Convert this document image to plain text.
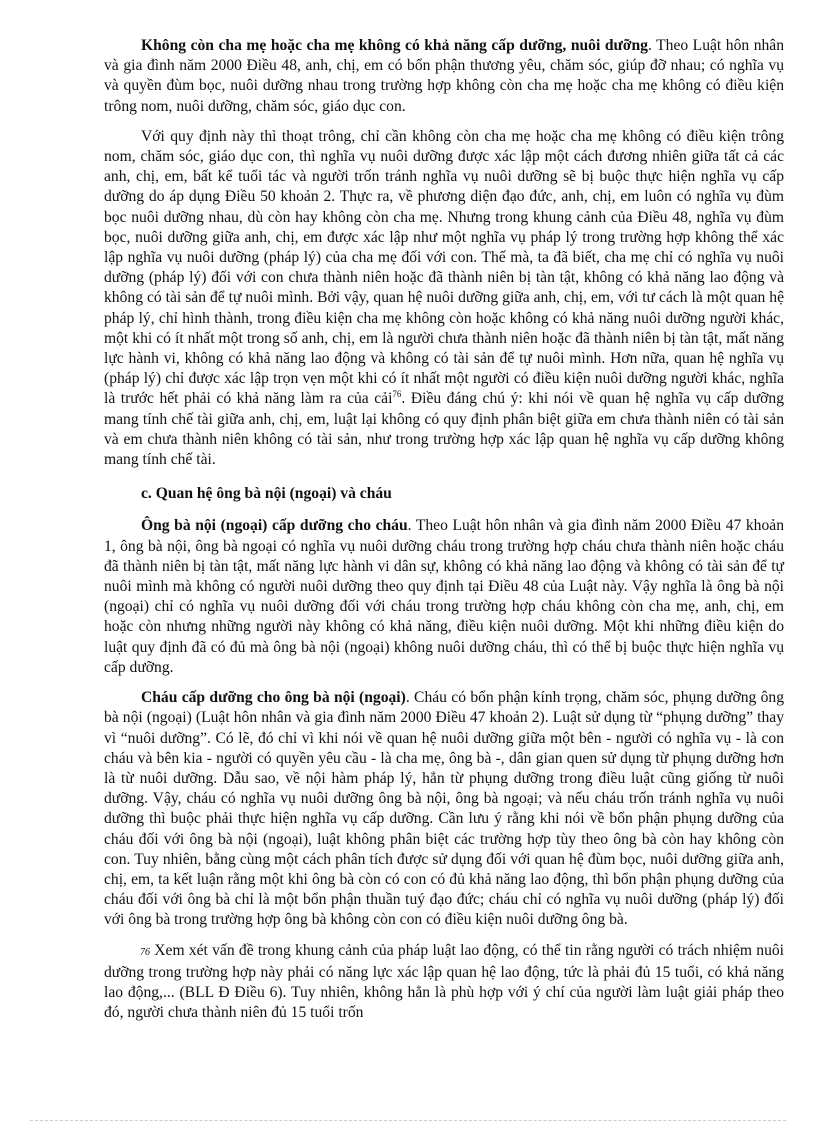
Không còn cha mẹ hoặc cha mẹ không có khả năng cấp dưỡng, nuôi dưỡng. Theo Luật hôn nhân và gia đình năm 2000 Điều 48, anh, chị, em có bổn phận thương yêu, chăm sóc, giúp đỡ nhau; có nghĩa vụ và quyền đùm bọc, nuôi dưỡng nhau trong trường hợp không còn cha mẹ hoặc cha mẹ không có điều kiện trông nom, nuôi dưỡng, chăm sóc, giáo dục con.

Với quy định này thì thoạt trông, chỉ cần không còn cha mẹ hoặc cha mẹ không có điều kiện trông nom, chăm sóc, giáo dục con, thì nghĩa vụ nuôi dưỡng được xác lập một cách đương nhiên giữa tất cả các anh, chị, em, bất kể tuổi tác và người trốn tránh nghĩa vụ nuôi dưỡng sẽ bị buộc thực hiện nghĩa vụ cấp dưỡng do áp dụng Điều 50 khoản 2. Thực ra, về phương diện đạo đức, anh, chị, em luôn có nghĩa vụ đùm bọc nuôi dưỡng nhau, dù còn hay không còn cha mẹ. Nhưng trong khung cảnh của Điều 48, nghĩa vụ đùm bọc, nuôi dưỡng giữa anh, chị, em được xác lập như một nghĩa vụ pháp lý trong trường hợp không thể xác lập nghĩa vụ nuôi dưỡng (pháp lý) của cha mẹ đối với con. Thế mà, ta đã biết, cha mẹ chỉ có nghĩa vụ nuôi dưỡng (pháp lý) đối với con chưa thành niên hoặc đã thành niên bị tàn tật, không có khả năng lao động và không có tài sản để tự nuôi mình. Bởi vậy, quan hệ nuôi dưỡng giữa anh, chị, em, với tư cách là một quan hệ pháp lý, chỉ hình thành, trong điều kiện cha mẹ không còn hoặc không có khả năng nuôi dưỡng người khác, một khi có ít nhất một trong số anh, chị, em là người chưa thành niên hoặc đã thành niên bị tàn tật, mất năng lực hành vi, không có khả năng lao động và không có tài sản để tự nuôi mình. Hơn nữa, quan hệ nghĩa vụ (pháp lý) chỉ được xác lập trọn vẹn một khi có ít nhất một người có điều kiện nuôi dưỡng người khác, nghĩa là trước hết phải có khả năng làm ra của cải$^{76}$. Điều đáng chú ý: khi nói về quan hệ nghĩa vụ cấp dưỡng mang tính chế tài giữa anh, chị, em, luật lại không có quy định phân biệt giữa em chưa thành niên có tài sản và em chưa thành niên không có tài sản, như trong trường hợp xác lập quan hệ nghĩa vụ cấp dưỡng không mang tính chế tài.

c. Quan hệ ông bà nội (ngoại) và cháu

Ông bà nội (ngoại) cấp dưỡng cho cháu. Theo Luật hôn nhân và gia đình năm 2000 Điều 47 khoản 1, ông bà nội, ông bà ngoại có nghĩa vụ nuôi dưỡng cháu trong trường hợp cháu chưa thành niên hoặc cháu đã thành niên bị tàn tật, mất năng lực hành vi dân sự, không có khả năng lao động và không có tài sản để tự nuôi mình mà không có người nuôi dưỡng theo quy định tại Điều 48 của Luật này. Vậy nghĩa là ông bà nội (ngoại) chỉ có nghĩa vụ nuôi dưỡng đối với cháu trong trường hợp cháu không còn cha mẹ, anh, chị, em hoặc còn nhưng những người này không có khả năng, điều kiện nuôi dưỡng. Một khi những điều kiện do luật quy định đã có đủ mà ông bà nội (ngoại) không nuôi dưỡng cháu, thì có thể bị buộc thực hiện nghĩa vụ cấp dưỡng.

Cháu cấp dưỡng cho ông bà nội (ngoại). Cháu có bổn phận kính trọng, chăm sóc, phụng dưỡng ông bà nội (ngoại) (Luật hôn nhân và gia đình năm 2000 Điều 47 khoản 2). Luật sử dụng từ “phụng dưỡng” thay vì “nuôi dưỡng”. Có lẽ, đó chỉ vì khi nói về quan hệ nuôi dưỡng giữa một bên - người có nghĩa vụ - là con cháu và bên kia - người có quyền yêu cầu - là cha mẹ, ông bà -, dân gian quen sử dụng từ phụng dưỡng hơn là từ nuôi dưỡng. Dẫu sao, về nội hàm pháp lý, hẳn từ phụng dưỡng trong điều luật cũng giống từ nuôi dưỡng. Vậy, cháu có nghĩa vụ nuôi dưỡng ông bà nội, ông bà ngoại; và nếu cháu trốn tránh nghĩa vụ nuôi dưỡng thì buộc phải thực hiện nghĩa vụ cấp dưỡng. Cần lưu ý rằng khi nói về bổn phận phụng dưỡng của cháu đối với ông bà nội (ngoại), luật không phân biệt các trường hợp tùy theo ông bà còn hay không còn con. Tuy nhiên, bằng cùng một cách phân tích được sử dụng đối với quan hệ đùm bọc, nuôi dưỡng giữa anh, chị, em, ta kết luận rằng một khi ông bà còn có con có đủ khả năng lao động, thì bổn phận phụng dưỡng của cháu đối với ông bà chỉ là một bổn phận thuần tuý đạo đức; cháu chỉ có nghĩa vụ nuôi dưỡng (pháp lý) đối với ông bà trong trường hợp ông bà không còn con có điều kiện nuôi dưỡng ông bà.

76 Xem xét vấn đề trong khung cảnh của pháp luật lao động, có thể tin rằng người có trách nhiệm nuôi dưỡng trong trường hợp này phải có năng lực xác lập quan hệ lao động, tức là phải đủ 15 tuổi, có khả năng lao động,... (BLL Đ Điều 6). Tuy nhiên, không hẳn là phù hợp với ý chí của người làm luật giải pháp theo đó, người chưa thành niên đủ 15 tuổi trốn
